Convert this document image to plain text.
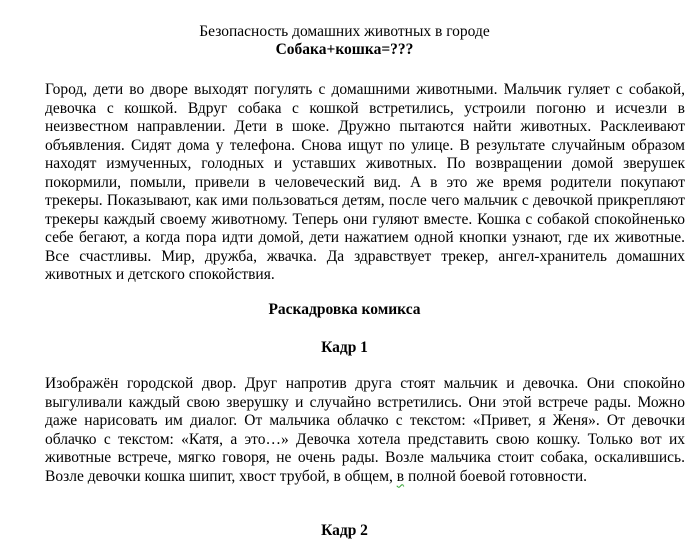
Безопасность домашних животных в городе
Собака+кошка=???

Город, дети во дворе выходят погулять с домашними животными. Мальчик гуляет с собакой, девочка с кошкой. Вдруг собака с кошкой встретились, устроили погоню и исчезли в неизвестном направлении. Дети в шоке. Дружно пытаются найти животных. Расклеивают объявления. Сидят дома у телефона. Снова ищут по улице. В результате случайным образом находят измученных, голодных и уставших животных. По возвращении домой зверушек покормили, помыли, привели в человеческий вид. А в это же время родители покупают трекеры. Показывают, как ими пользоваться детям, после чего мальчик с девочкой прикрепляют трекеры каждый своему животному. Теперь они гуляют вместе. Кошка с собакой спокойненько себе бегают, а когда пора идти домой, дети нажатием одной кнопки узнают, где их животные. Все счастливы. Мир, дружба, жвачка. Да здравствует трекер, ангел-хранитель домашних животных и детского спокойствия.

Раскадровка комикса
Кадр 1

Изображён городской двор. Друг напротив друга стоят мальчик и девочка. Они спокойно выгуливали каждый свою зверушку и случайно встретились. Они этой встрече рады. Можно даже нарисовать им диалог. От мальчика облачко с текстом: «Привет, я Женя». От девочки облачко с текстом: «Катя, а это…» Девочка хотела представить свою кошку. Только вот их животные встрече, мягко говоря, не очень рады. Возле мальчика стоит собака, оскалившись. Возле девочки кошка шипит, хвост трубой, в общем, в полной боевой готовности.

Кадр 2
